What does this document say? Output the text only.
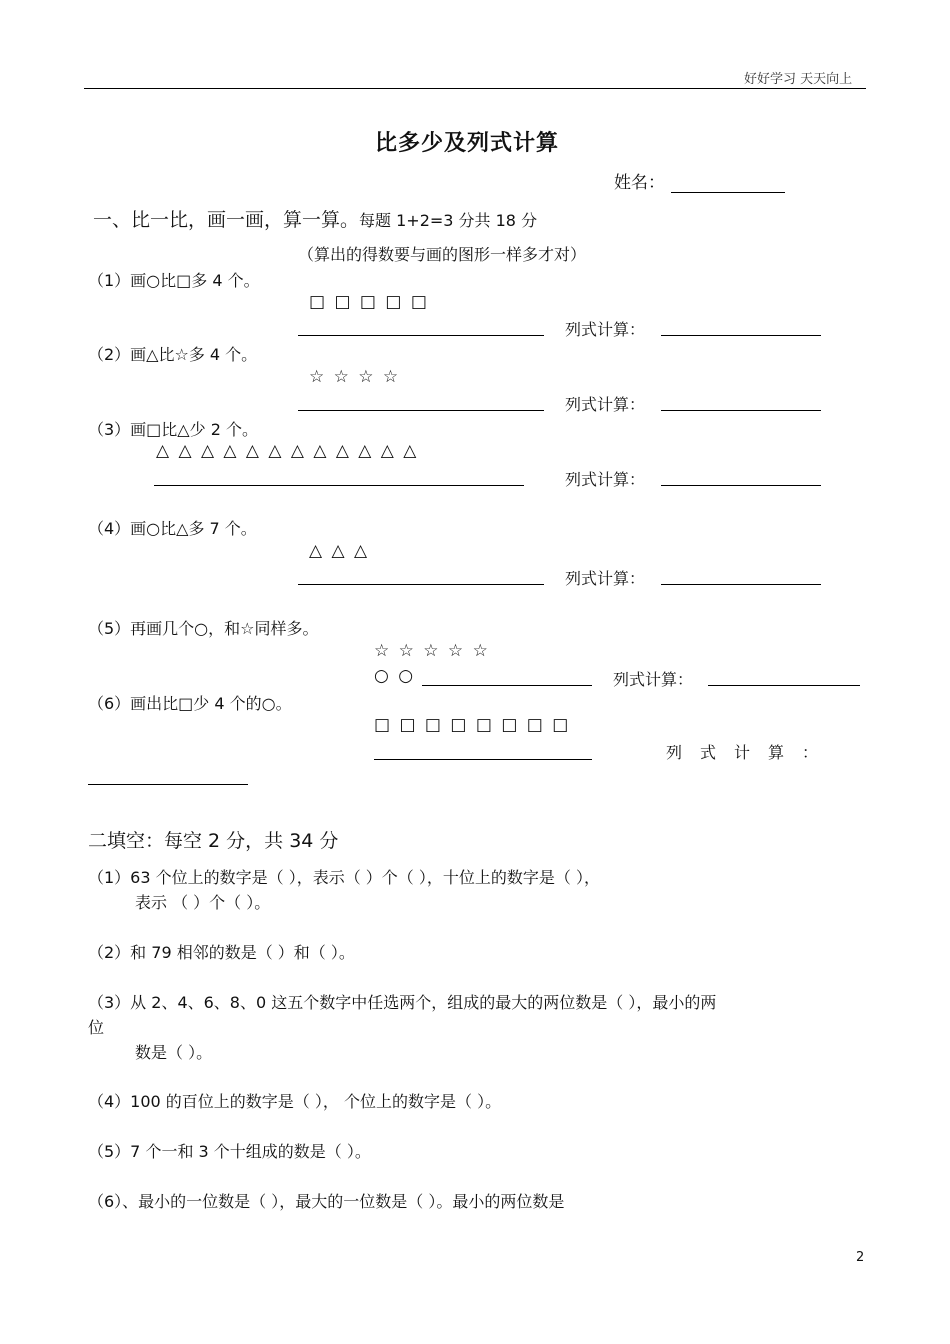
好好学习 天天向上
比多少及列式计算
姓名：
一、比一比，画一画，算一算。每题 1+2=3 分共 18 分
（算出的得数要与画的图形一样多才对）
（1）画○比□多 4 个。
□ □ □ □ □
列式计算：
（2）画△比☆多 4 个。
☆ ☆ ☆ ☆
列式计算：
（3）画□比△少 2 个。
△ △ △ △ △ △ △ △ △ △ △ △
列式计算：
（4）画○比△多 7 个。
△ △ △
列式计算：
（5）再画几个○，和☆同样多。
☆ ☆ ☆ ☆ ☆
○ ○	列式计算：
（6）画出比□少 4 个的○。
□ □ □ □ □ □ □ □
列式计算：
二填空：每空 2 分，共 34 分
（1）63 个位上的数字是（ ），表示（ ）个（ ），十位上的数字是（ ），
表示 （ ）个（ ）。
（2）和 79 相邻的数是（ ）和（ ）。
（3）从 2、4、6、8、0 这五个数字中任选两个，组成的最大的两位数是（ ），最小的两
位
数是（ ）。
（4）100 的百位上的数字是（ ）， 个位上的数字是（ ）。
（5）7 个一和 3 个十组成的数是（ ）。
（6）、最小的一位数是（ ），最大的一位数是（ ）。最小的两位数是
2
